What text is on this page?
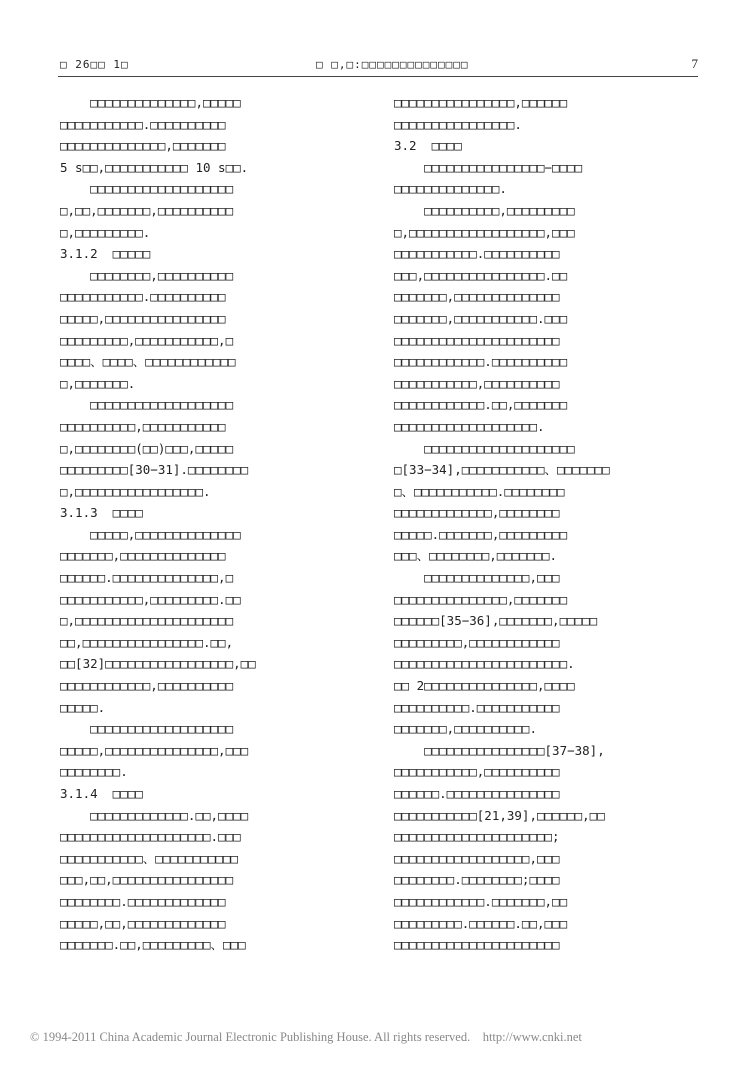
□ 26□□ 1□	□ □,□:□□□□□□□□□□□□□□	7
□□□□□□□□□□□□□□,□□□□□
□□□□□□□□□□□.□□□□□□□□□□
□□□□□□□□□□□□□□,□□□□□□□
5 s□□,□□□□□□□□□□□ 10 s□□.
□□□□□□□□□□□□□□□□□□□
□,□□,□□□□□□□,□□□□□□□□□□
□,□□□□□□□□□.
3.1.2  □□□□□
□□□□□□□□,□□□□□□□□□□
□□□□□□□□□□□.□□□□□□□□□□
□□□□□,□□□□□□□□□□□□□□□□
□□□□□□□□□,□□□□□□□□□□□,□
□□□□、□□□□、□□□□□□□□□□□□
□,□□□□□□□.
□□□□□□□□□□□□□□□□□□□
□□□□□□□□□□,□□□□□□□□□□□
□,□□□□□□□□(□□)□□□,□□□□□
□□□□□□□□□[30−31].□□□□□□□□
□,□□□□□□□□□□□□□□□□□.
3.1.3  □□□□
□□□□□,□□□□□□□□□□□□□□
□□□□□□□,□□□□□□□□□□□□□□
□□□□□□.□□□□□□□□□□□□□□,□
□□□□□□□□□□□,□□□□□□□□□.□□
□,□□□□□□□□□□□□□□□□□□□□□
□□,□□□□□□□□□□□□□□□□.□□,
□□[32]□□□□□□□□□□□□□□□□□,□□
□□□□□□□□□□□□,□□□□□□□□□□
□□□□□.
□□□□□□□□□□□□□□□□□□□
□□□□□,□□□□□□□□□□□□□□□,□□□
□□□□□□□□.
3.1.4  □□□□
□□□□□□□□□□□□□.□□,□□□□
□□□□□□□□□□□□□□□□□□□□.□□□
□□□□□□□□□□□、□□□□□□□□□□□
□□□,□□,□□□□□□□□□□□□□□□□
□□□□□□□□.□□□□□□□□□□□□□
□□□□□,□□,□□□□□□□□□□□□□
□□□□□□□.□□,□□□□□□□□□、□□□
□□□□□□□□□□□□□□□□,□□□□□□
□□□□□□□□□□□□□□□□.
3.2  □□□□
□□□□□□□□□□□□□□□□−□□□□
□□□□□□□□□□□□□□.
□□□□□□□□□□,□□□□□□□□□
□,□□□□□□□□□□□□□□□□□□,□□□
□□□□□□□□□□□.□□□□□□□□□□
□□□,□□□□□□□□□□□□□□□□.□□
□□□□□□□,□□□□□□□□□□□□□□
□□□□□□□,□□□□□□□□□□□.□□□
□□□□□□□□□□□□□□□□□□□□□□
□□□□□□□□□□□□.□□□□□□□□□□
□□□□□□□□□□□,□□□□□□□□□□
□□□□□□□□□□□□.□□,□□□□□□□
□□□□□□□□□□□□□□□□□□□.
□□□□□□□□□□□□□□□□□□□□
□[33−34],□□□□□□□□□□□、□□□□□□□
□、□□□□□□□□□□□.□□□□□□□□
□□□□□□□□□□□□□,□□□□□□□□
□□□□□.□□□□□□□,□□□□□□□□□
□□□、□□□□□□□□,□□□□□□□.
□□□□□□□□□□□□□□,□□□
□□□□□□□□□□□□□□□,□□□□□□□
□□□□□□[35−36],□□□□□□□,□□□□□
□□□□□□□□□,□□□□□□□□□□□□
□□□□□□□□□□□□□□□□□□□□□□□.
□□ 2□□□□□□□□□□□□□□□,□□□□
□□□□□□□□□□.□□□□□□□□□□□
□□□□□□□,□□□□□□□□□□.
□□□□□□□□□□□□□□□□[37−38],
□□□□□□□□□□□,□□□□□□□□□□
□□□□□□.□□□□□□□□□□□□□□□
□□□□□□□□□□□[21,39],□□□□□□,□□
□□□□□□□□□□□□□□□□□□□□□;
□□□□□□□□□□□□□□□□□□,□□□
□□□□□□□□.□□□□□□□□;□□□□
□□□□□□□□□□□□.□□□□□□□,□□
□□□□□□□□□.□□□□□□.□□,□□□
□□□□□□□□□□□□□□□□□□□□□□
© 1994-2011 China Academic Journal Electronic Publishing House. All rights reserved.    http://www.cnki.net
